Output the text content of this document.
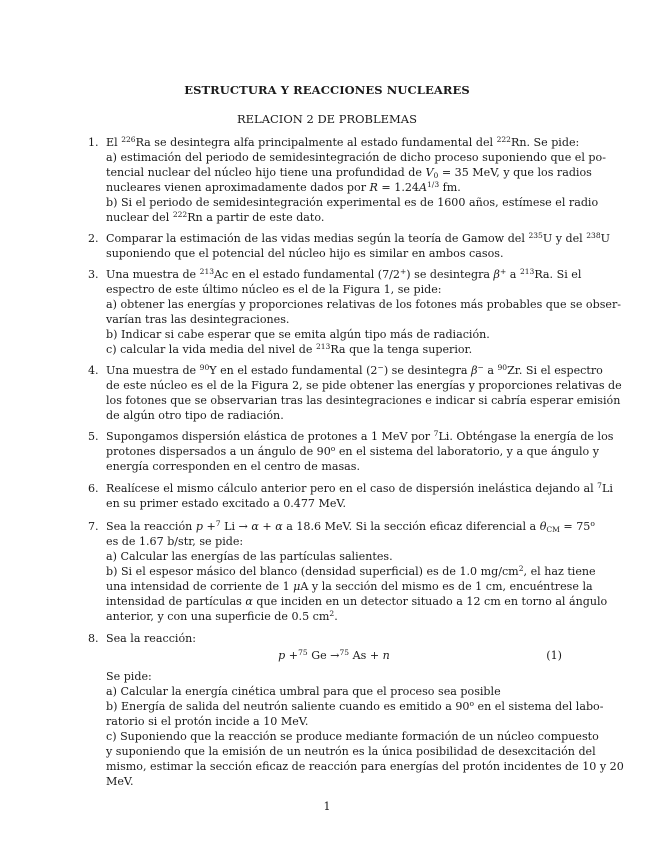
ESTRUCTURA Y REACCIONES NUCLEARES
RELACION 2 DE PROBLEMAS
1. El $^{226}$Ra se desintegra alfa principalmente al estado fundamental del $^{222}$Rn. Se pide:
a) estimación del periodo de semidesintegración de dicho proceso suponiendo que el po-
tencial nuclear del núcleo hijo tiene una profundidad de $V_0 = 35$ MeV, y que los radios
nucleares vienen aproximadamente dados por $R = 1.24A^{1/3}$ fm.
b) Si el periodo de semidesintegración experimental es de 1600 años, estímese el radio
nuclear del $^{222}$Rn a partir de este dato.
2. Comparar la estimación de las vidas medias según la teoría de Gamow del $^{235}$U y del $^{238}$U
suponiendo que el potencial del núcleo hijo es similar en ambos casos.
3. Una muestra de $^{213}$Ac en el estado fundamental (7/2+) se desintegra β+ a $^{213}$Ra. Si el
espectro de este último núcleo es el de la Figura 1, se pide:
a) obtener las energías y proporciones relativas de los fotones más probables que se obser-
varían tras las desintegraciones.
b) Indicar si cabe esperar que se emita algún tipo más de radiación.
c) calcular la vida media del nivel de $^{213}$Ra que la tenga superior.
4. Una muestra de $^{90}$Y en el estado fundamental (2−) se desintegra β− a $^{90}$Zr. Si el espectro
de este núcleo es el de la Figura 2, se pide obtener las energías y proporciones relativas de
los fotones que se observarian tras las desintegraciones e indicar si cabría esperar emisión
de algún otro tipo de radiación.
5. Supongamos dispersión elástica de protones a 1 MeV por $^7$Li. Obténgase la energía de los
protones dispersados a un ángulo de 90$^o$ en el sistema del laboratorio, y a que ángulo y
energía corresponden en el centro de masas.
6. Realícese el mismo cálculo anterior pero en el caso de dispersión inelástica dejando al $^7$Li
en su primer estado excitado a 0.477 MeV.
7. Sea la reacción p +$^7$ Li → α + α a 18.6 MeV. Si la sección eficaz diferencial a $\theta_{CM} = 75^o$
es de 1.67 b/str, se pide:
a) Calcular las energías de las partículas salientes.
b) Si el espesor másico del blanco (densidad superficial) es de 1.0 $mg/cm^2$, el haz tiene
una intensidad de corriente de 1 μA y la sección del mismo es de 1 cm, encuéntrese la
intensidad de partículas α que inciden en un detector situado a 12 cm en torno al ángulo
anterior, y con una superficie de 0.5 $cm^2$.
8. Sea la reacción:
p +$^{75}$ Ge →$^{75}$ As + n	(1)
Se pide:
a) Calcular la energía cinética umbral para que el proceso sea posible
b) Energía de salida del neutrón saliente cuando es emitido a 90$^o$ en el sistema del labo-
ratorio si el protón incide a 10 MeV.
c) Suponiendo que la reacción se produce mediante formación de un núcleo compuesto
y suponiendo que la emisión de un neutrón es la única posibilidad de desexcitación del
mismo, estimar la sección eficaz de reacción para energías del protón incidentes de 10 y 20
MeV.
1
